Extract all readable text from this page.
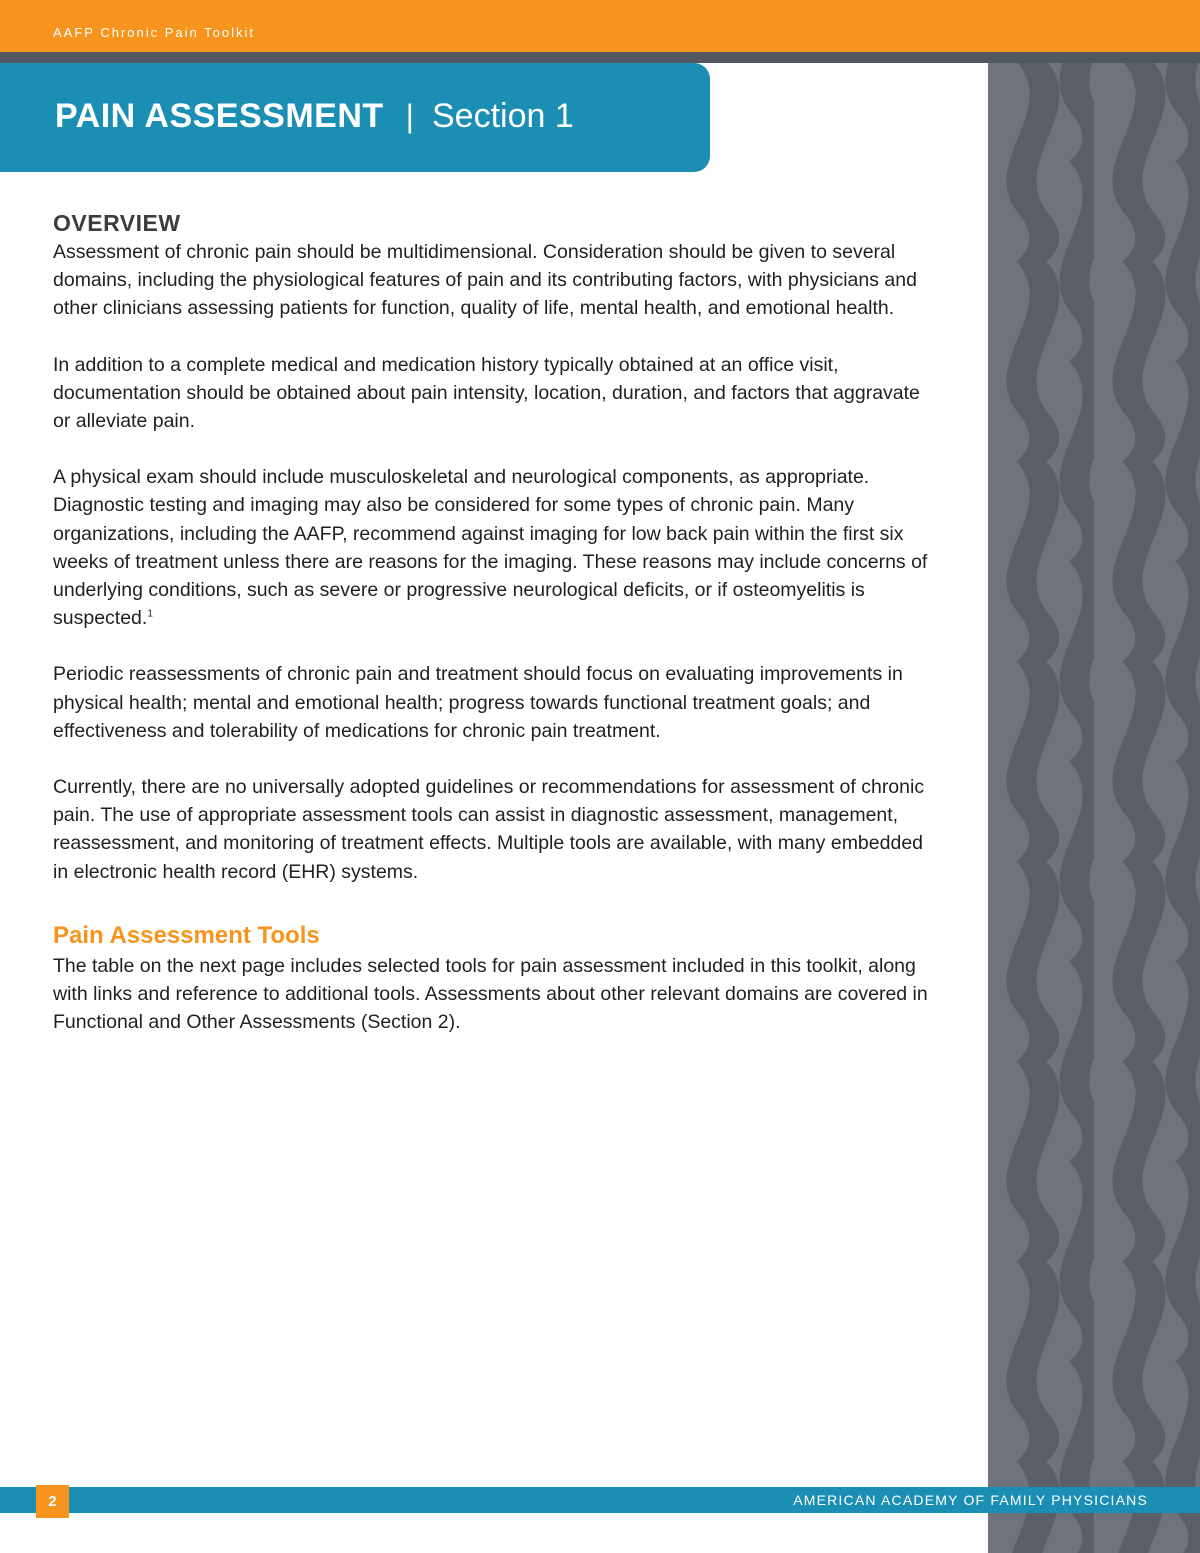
AAFP Chronic Pain Toolkit
PAIN ASSESSMENT | Section 1
OVERVIEW

Assessment of chronic pain should be multidimensional. Consideration should be given to several domains, including the physiological features of pain and its contributing factors, with physicians and other clinicians assessing patients for function, quality of life, mental health, and emotional health.

In addition to a complete medical and medication history typically obtained at an office visit, documentation should be obtained about pain intensity, location, duration, and factors that aggravate or alleviate pain.

A physical exam should include musculoskeletal and neurological components, as appropriate. Diagnostic testing and imaging may also be considered for some types of chronic pain. Many organizations, including the AAFP, recommend against imaging for low back pain within the first six weeks of treatment unless there are reasons for the imaging. These reasons may include concerns of underlying conditions, such as severe or progressive neurological deficits, or if osteomyelitis is suspected.$^1$

Periodic reassessments of chronic pain and treatment should focus on evaluating improvements in physical health; mental and emotional health; progress towards functional treatment goals; and effectiveness and tolerability of medications for chronic pain treatment.

Currently, there are no universally adopted guidelines or recommendations for assessment of chronic pain. The use of appropriate assessment tools can assist in diagnostic assessment, management, reassessment, and monitoring of treatment effects. Multiple tools are available, with many embedded in electronic health record (EHR) systems.

Pain Assessment Tools

The table on the next page includes selected tools for pain assessment included in this toolkit, along with links and reference to additional tools. Assessments about other relevant domains are covered in Functional and Other Assessments (Section 2).

2	AMERICAN ACADEMY OF FAMILY PHYSICIANS
